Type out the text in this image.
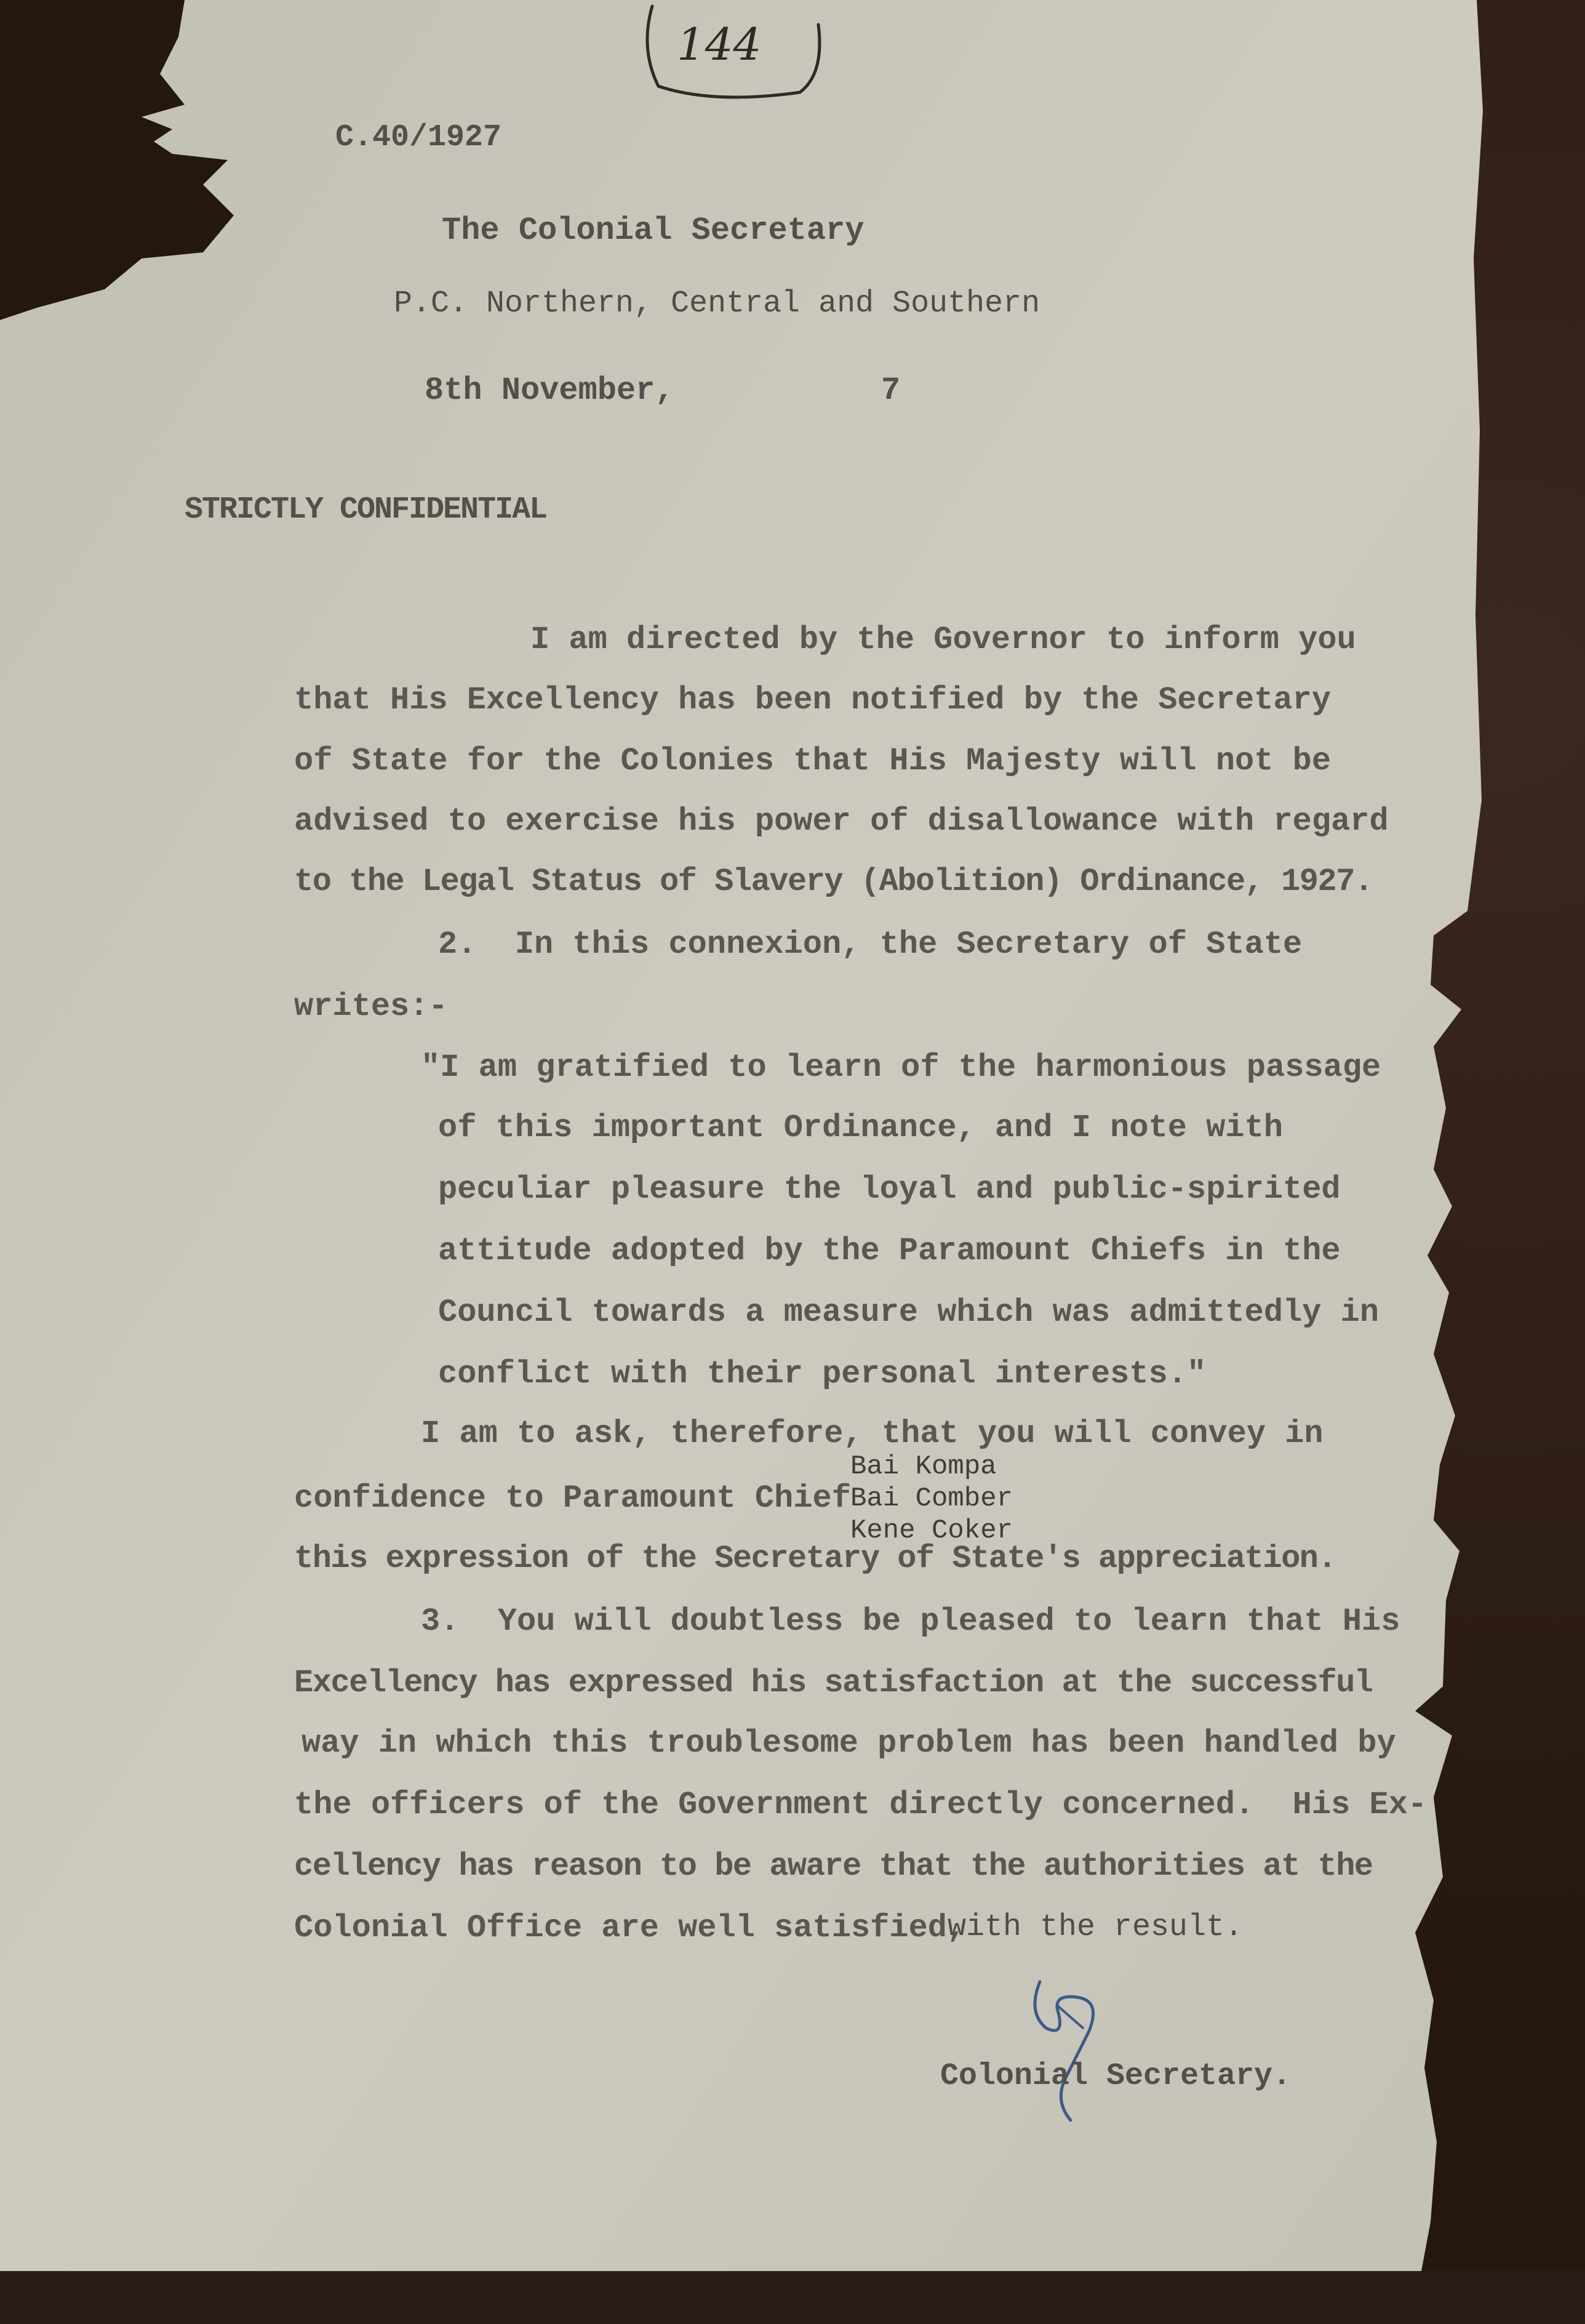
144
C.40/1927
The Colonial Secretary
P.C. Northern, Central and Southern
8th November,	7
STRICTLY CONFIDENTIAL
I am directed by the Governor to inform you
that His Excellency has been notified by the Secretary
of State for the Colonies that His Majesty will not be
advised to exercise his power of disallowance with regard
to the Legal Status of Slavery (Abolition) Ordinance, 1927.
2.  In this connexion, the Secretary of State
writes:-
"I am gratified to learn of the harmonious passage
of this important Ordinance, and I note with
peculiar pleasure the loyal and public-spirited
attitude adopted by the Paramount Chiefs in the
Council towards a measure which was admittedly in
conflict with their personal interests."
I am to ask, therefore, that you will convey in
confidence to Paramount Chief
Bai Kompa
Bai Comber
Kene Coker
this expression of the Secretary of State's appreciation.
3.  You will doubtless be pleased to learn that His
Excellency has expressed his satisfaction at the successful
way in which this troublesome problem has been handled by
the officers of the Government directly concerned.  His Ex-
cellency has reason to be aware that the authorities at the
Colonial Office are well satisfied,
with the result.
Colonial Secretary.
